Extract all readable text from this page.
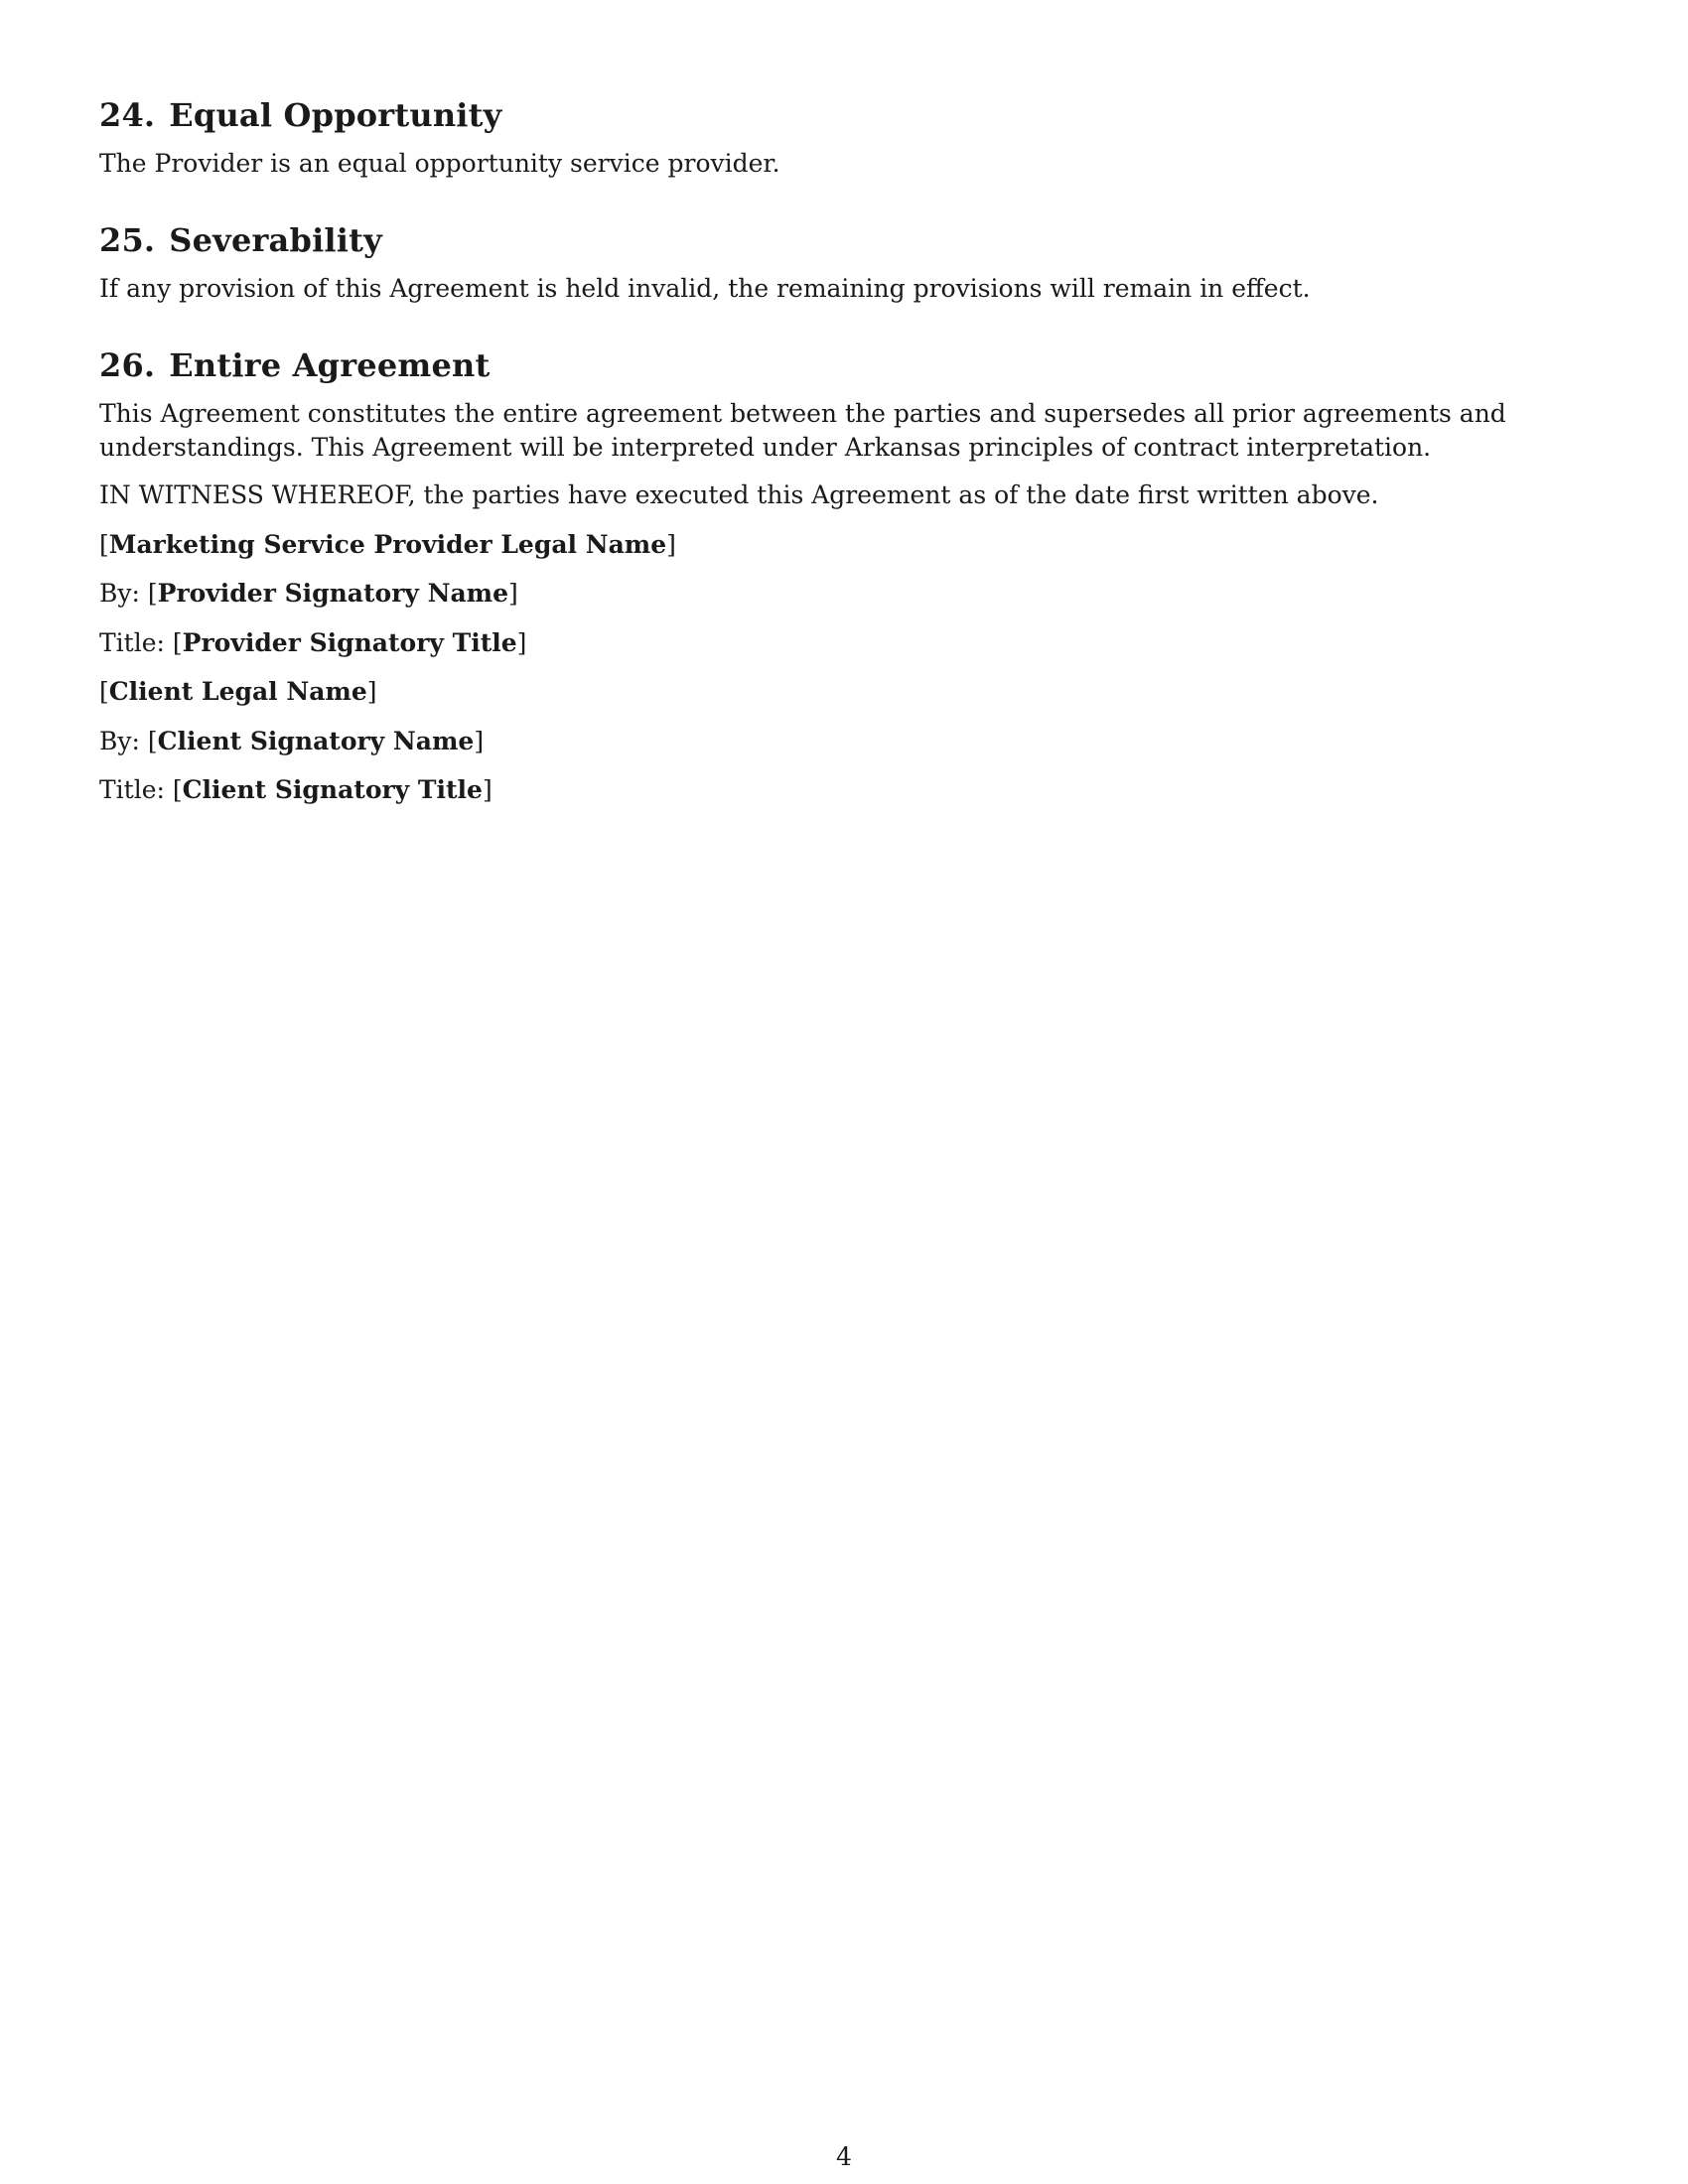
24. Equal Opportunity

The Provider is an equal opportunity service provider.

25. Severability

If any provision of this Agreement is held invalid, the remaining provisions will remain in effect.

26. Entire Agreement

This Agreement constitutes the entire agreement between the parties and supersedes all prior agreements and understandings. This Agreement will be interpreted under Arkansas principles of contract interpretation.

IN WITNESS WHEREOF, the parties have executed this Agreement as of the date first written above.

[Marketing Service Provider Legal Name]

By: [Provider Signatory Name]

Title: [Provider Signatory Title]

[Client Legal Name]

By: [Client Signatory Name]

Title: [Client Signatory Title]

4
